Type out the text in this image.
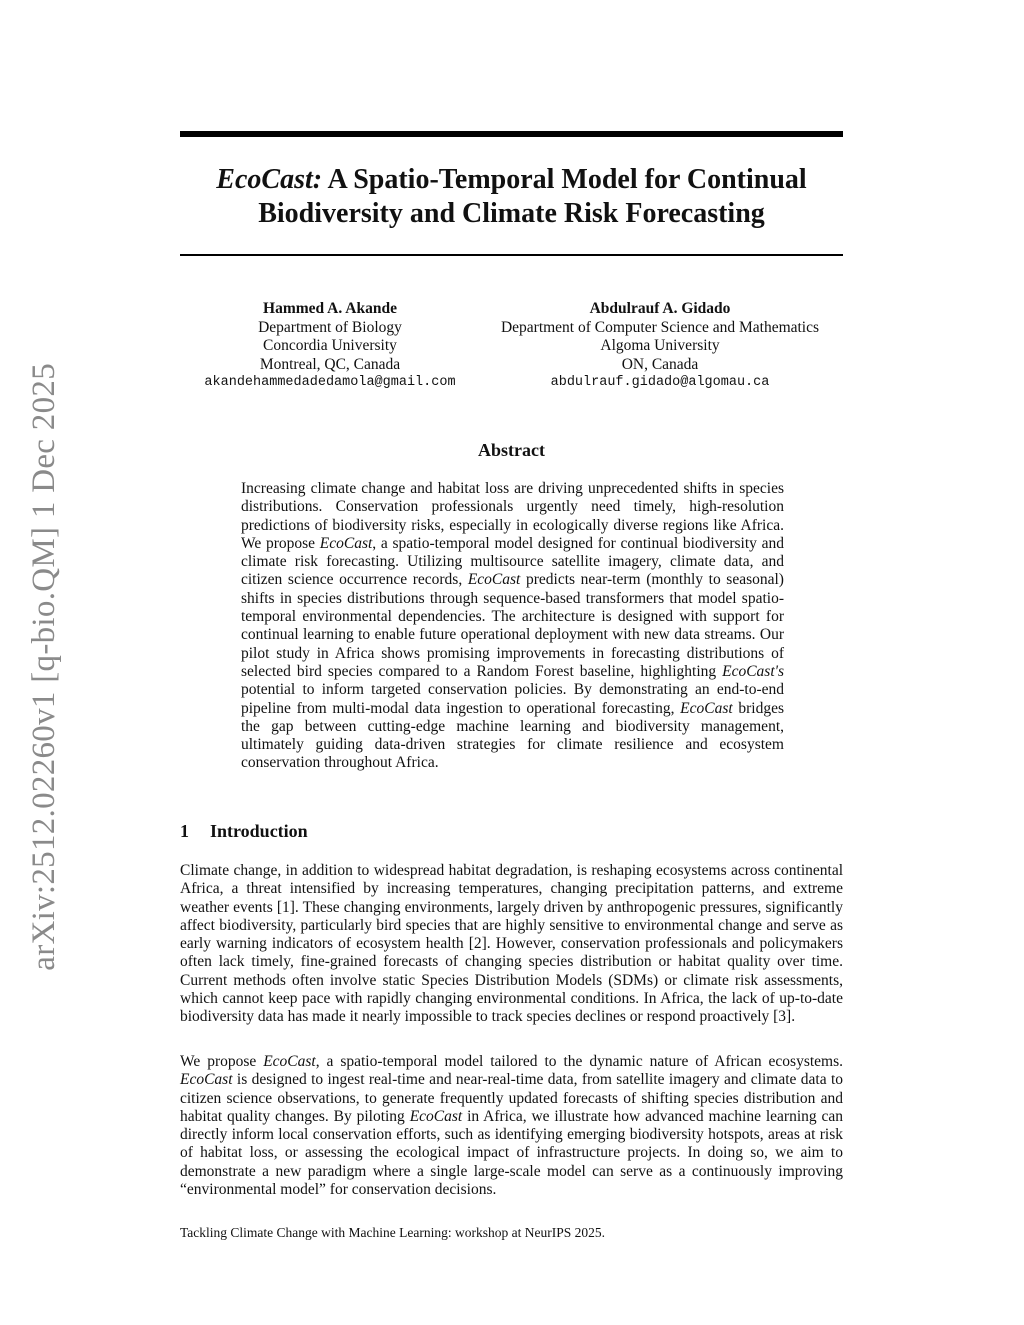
arXiv:2512.02260v1 [q-bio.QM] 1 Dec 2025
EcoCast: A Spatio-Temporal Model for Continual
Biodiversity and Climate Risk Forecasting
Hammed A. Akande
Department of Biology
Concordia University
Montreal, QC, Canada
akandehammedadedamola@gmail.com
Abdulrauf A. Gidado
Department of Computer Science and Mathematics
Algoma University
ON, Canada
abdulrauf.gidado@algomau.ca
Abstract

Increasing climate change and habitat loss are driving unprecedented shifts in species distributions. Conservation professionals urgently need timely, high-resolution predictions of biodiversity risks, especially in ecologically diverse regions like Africa. We propose EcoCast, a spatio-temporal model designed for continual biodiversity and climate risk forecasting. Utilizing multisource satellite imagery, climate data, and citizen science occurrence records, EcoCast predicts near-term (monthly to seasonal) shifts in species distributions through sequence-based transformers that model spatio-temporal environmental dependencies. The architecture is designed with support for continual learning to enable future operational deployment with new data streams. Our pilot study in Africa shows promising improvements in forecasting distributions of selected bird species compared to a Random Forest baseline, highlighting EcoCast's potential to inform targeted conservation policies. By demonstrating an end-to-end pipeline from multi-modal data ingestion to operational forecasting, EcoCast bridges the gap between cutting-edge machine learning and biodiversity management, ultimately guiding data-driven strategies for climate resilience and ecosystem conservation throughout Africa.

1 Introduction

Climate change, in addition to widespread habitat degradation, is reshaping ecosystems across continental Africa, a threat intensified by increasing temperatures, changing precipitation patterns, and extreme weather events [1]. These changing environments, largely driven by anthropogenic pressures, significantly affect biodiversity, particularly bird species that are highly sensitive to environmental change and serve as early warning indicators of ecosystem health [2]. However, conservation professionals and policymakers often lack timely, fine-grained forecasts of changing species distribution or habitat quality over time. Current methods often involve static Species Distribution Models (SDMs) or climate risk assessments, which cannot keep pace with rapidly changing environmental conditions. In Africa, the lack of up-to-date biodiversity data has made it nearly impossible to track species declines or respond proactively [3].

We propose EcoCast, a spatio-temporal model tailored to the dynamic nature of African ecosystems. EcoCast is designed to ingest real-time and near-real-time data, from satellite imagery and climate data to citizen science observations, to generate frequently updated forecasts of shifting species distribution and habitat quality changes. By piloting EcoCast in Africa, we illustrate how advanced machine learning can directly inform local conservation efforts, such as identifying emerging biodiversity hotspots, areas at risk of habitat loss, or assessing the ecological impact of infrastructure projects. In doing so, we aim to demonstrate a new paradigm where a single large-scale model can serve as a continuously improving “environmental model” for conservation decisions.

Tackling Climate Change with Machine Learning: workshop at NeurIPS 2025.
